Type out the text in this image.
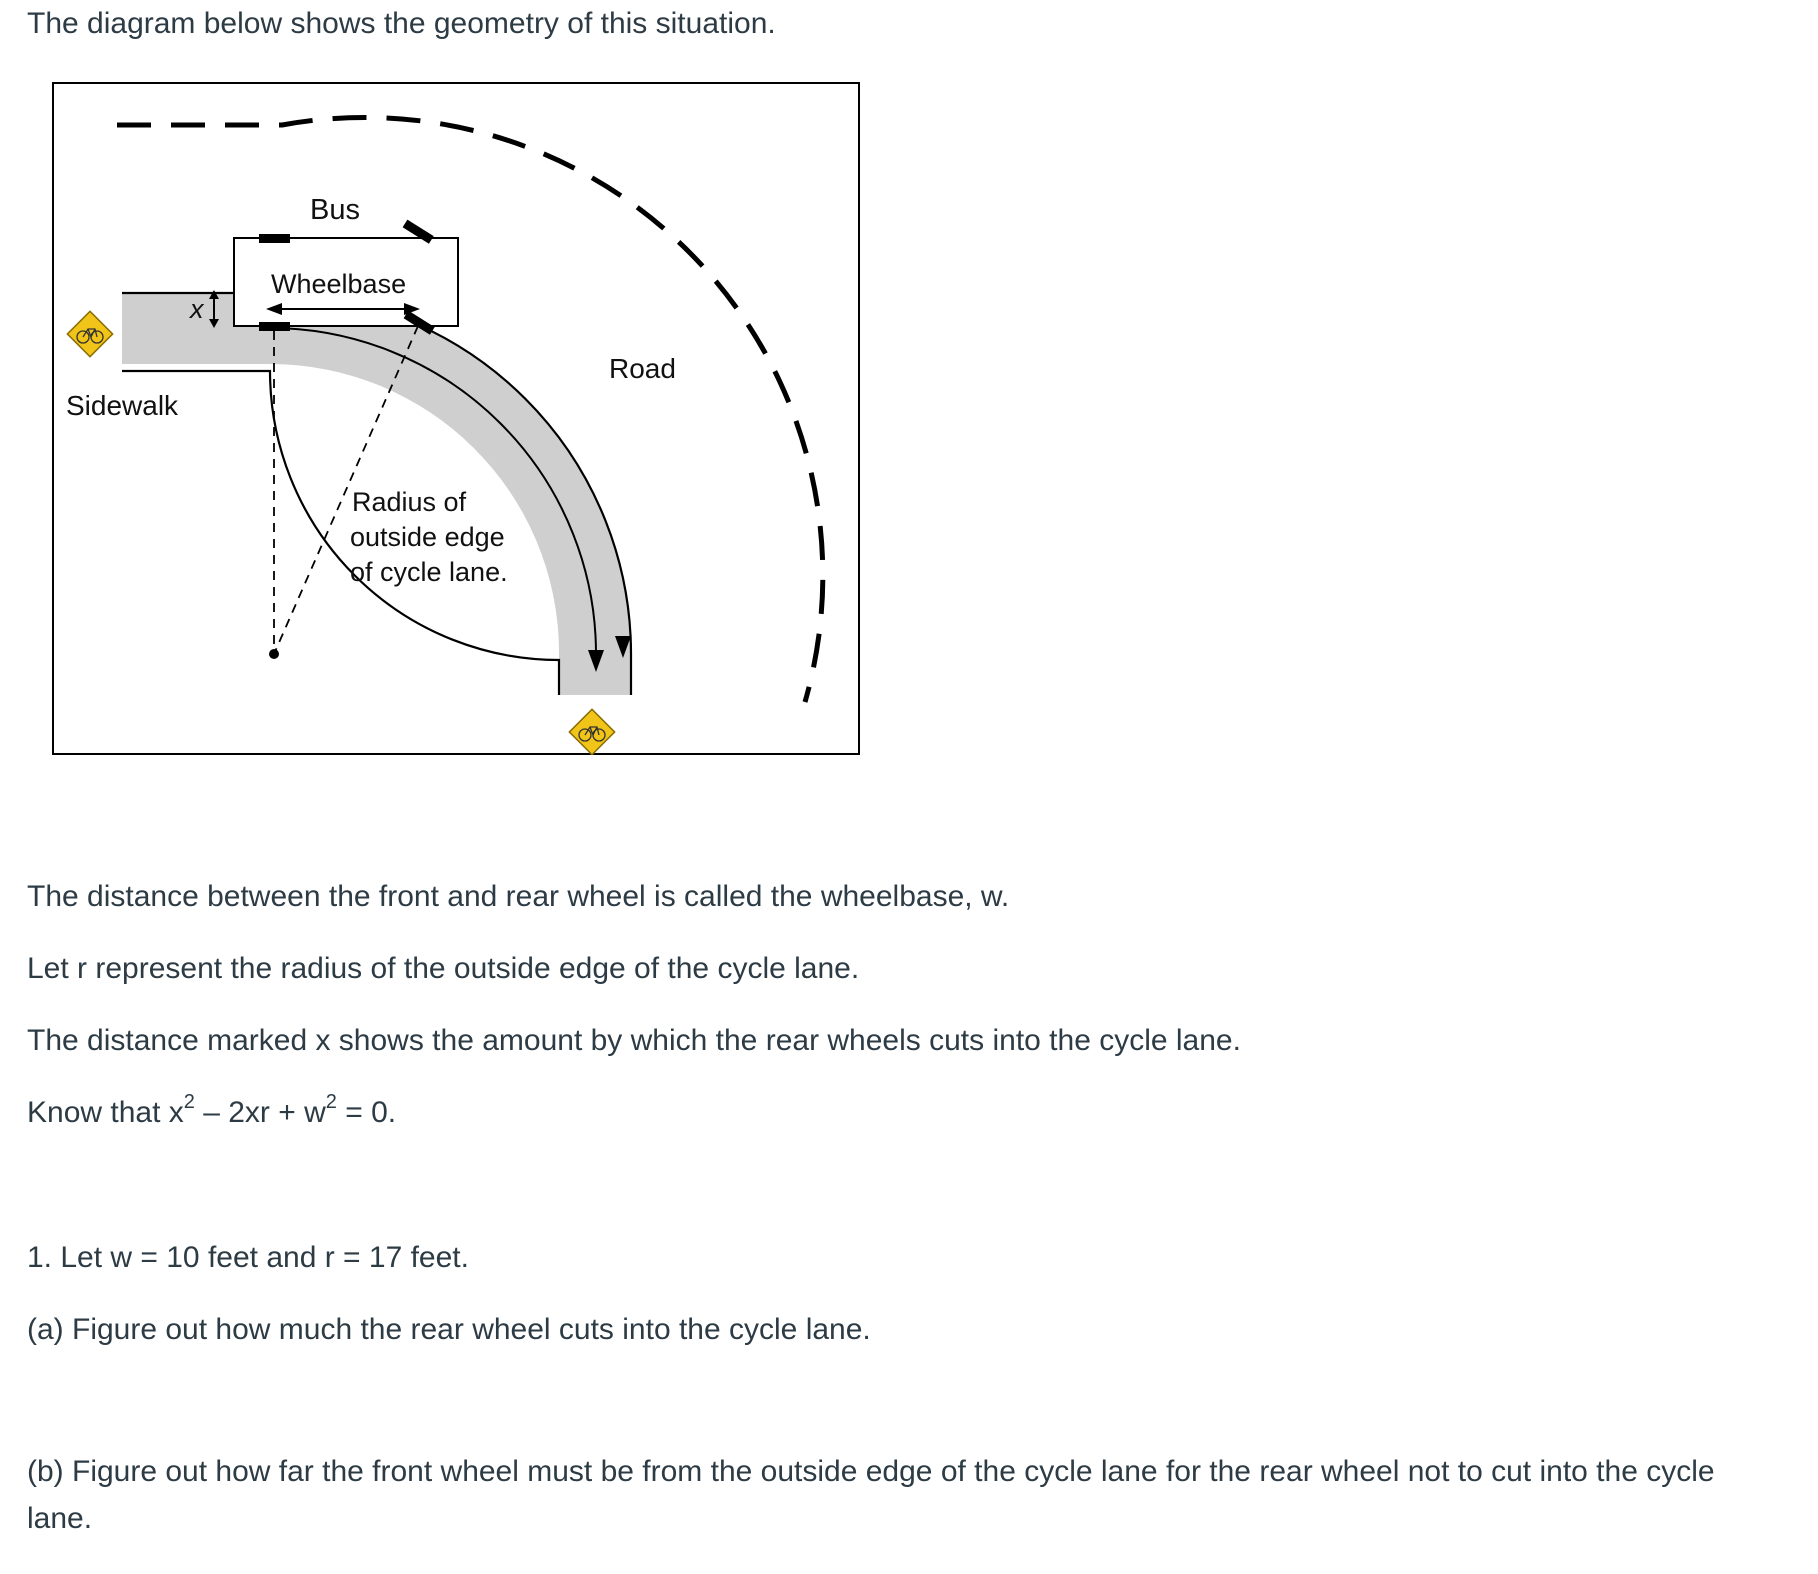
The diagram below shows the geometry of this situation.

Bus
Wheelbase
x
Sidewalk
Road
Radius of
outside edge
of cycle lane.

The distance between the front and rear wheel is called the wheelbase, w.

Let r represent the radius of the outside edge of the cycle lane.

The distance marked x shows the amount by which the rear wheels cuts into the cycle lane.

Know that $x^2 - 2xr + w^2 = 0$.

1. Let w = 10 feet and r = 17 feet.

(a) Figure out how much the rear wheel cuts into the cycle lane.

(b) Figure out how far the front wheel must be from the outside edge of the cycle lane for the rear wheel not to cut into the cycle lane.
